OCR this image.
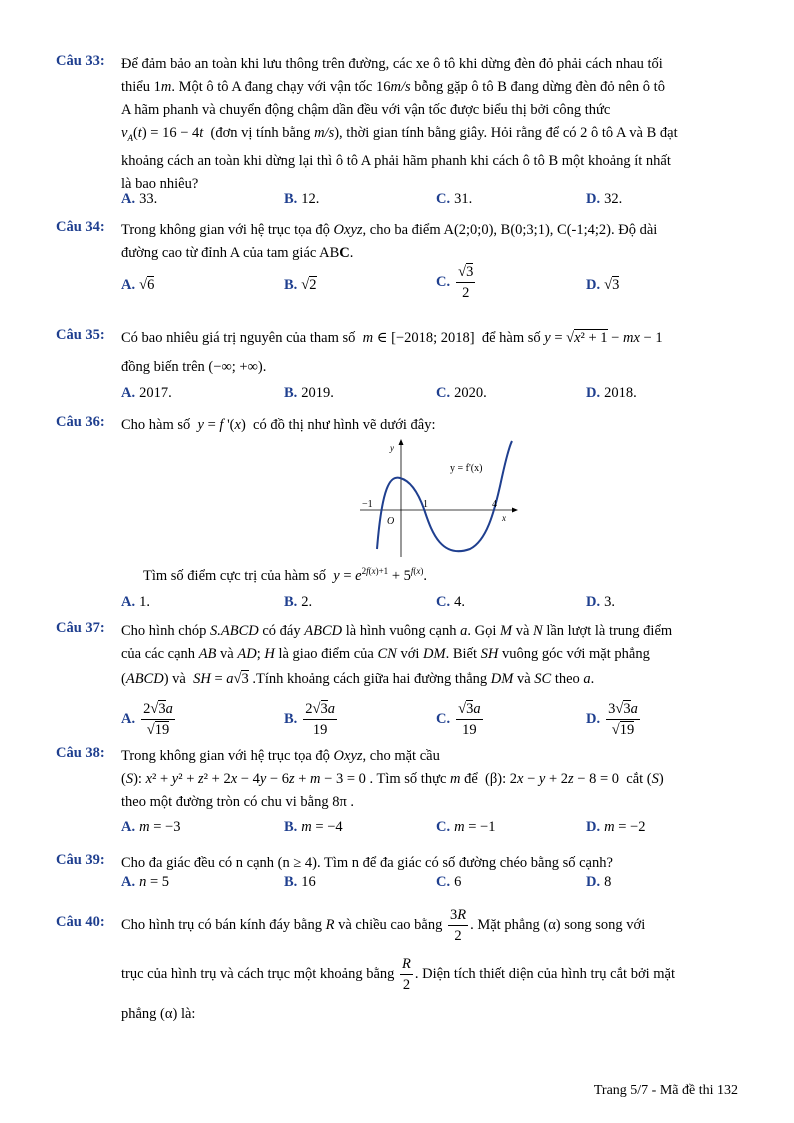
Câu 33: Để đảm bảo an toàn khi lưu thông trên đường, các xe ô tô khi dừng đèn đỏ phải cách nhau tối
thiểu 1m. Một ô tô A đang chạy với vận tốc 16m/s bỗng gặp ô tô B đang dừng đèn đỏ nên ô tô
A hãm phanh và chuyển động chậm dần đều với vận tốc được biểu thị bởi công thức
$v_A(t) = 16 - 4t$  (đơn vị tính bằng m/s), thời gian tính bằng giây. Hỏi rằng để có 2 ô tô A và B đạt
khoảng cách an toàn khi dừng lại thì ô tô A phải hãm phanh khi cách ô tô B một khoảng ít nhất
là bao nhiêu?
A. 33.	B. 12.	C. 31.	D. 32.
Câu 34: Trong không gian với hệ trục tọa độ Oxyz, cho ba điểm A(2;0;0), B(0;3;1), C(-1;4;2). Độ dài
đường cao từ đỉnh A của tam giác ABC.
A. √6	B. √2	C. $\frac{√3}{2}$	D. √3
Câu 35: Có bao nhiêu giá trị nguyên của tham số  m ∈ [−2018; 2018]  để hàm số y = √x² + 1 − mx − 1
đồng biến trên (−∞; +∞).
A. 2017.	B. 2019.	C. 2020.	D. 2018.
Câu 36: Cho hàm số  y = f '(x)  có đồ thị như hình vẽ dưới đây:
Tìm số điểm cực trị của hàm số  $y = e^{2f(x)+1} + 5^{f(x)}$.
A. 1.	B. 2.	C. 4.	D. 3.
y
x
y = f'(x)
−1	1	4
O
Câu 37: Cho hình chóp S.ABCD có đáy ABCD là hình vuông cạnh a. Gọi M và N lần lượt là trung điểm
của các cạnh AB và AD; H là giao điểm của CN với DM. Biết SH vuông góc với mặt phẳng
(ABCD) và  SH = a√3 .Tính khoảng cách giữa hai đường thẳng DM và SC theo a.
A. $\frac{2√3a}{√19}$	B. $\frac{2√3a}{19}$	C. $\frac{√3a}{19}$	D. $\frac{3√3a}{√19}$
Câu 38: Trong không gian với hệ trục tọa độ Oxyz, cho mặt cầu
(S): x² + y² + z² + 2x − 4y − 6z + m − 3 = 0 . Tìm số thực m để  (β): 2x − y + 2z − 8 = 0  cắt (S)
theo một đường tròn có chu vi bằng 8π .
A. m = −3	B. m = −4	C. m = −1	D. m = −2
Câu 39: Cho đa giác đều có n cạnh (n ≥ 4). Tìm n để đa giác có số đường chéo bằng số cạnh?
A. n = 5	B. 16	C. 6	D. 8
Câu 40: Cho hình trụ có bán kính đáy bằng R và chiều cao bằng $\frac{3R}{2}$ . Mặt phẳng (α) song song với
trục của hình trụ và cách trục một khoảng bằng $\frac{R}{2}$ . Diện tích thiết diện của hình trụ cắt bởi mặt
phẳng (α) là:
Trang 5/7 - Mã đề thi 132
